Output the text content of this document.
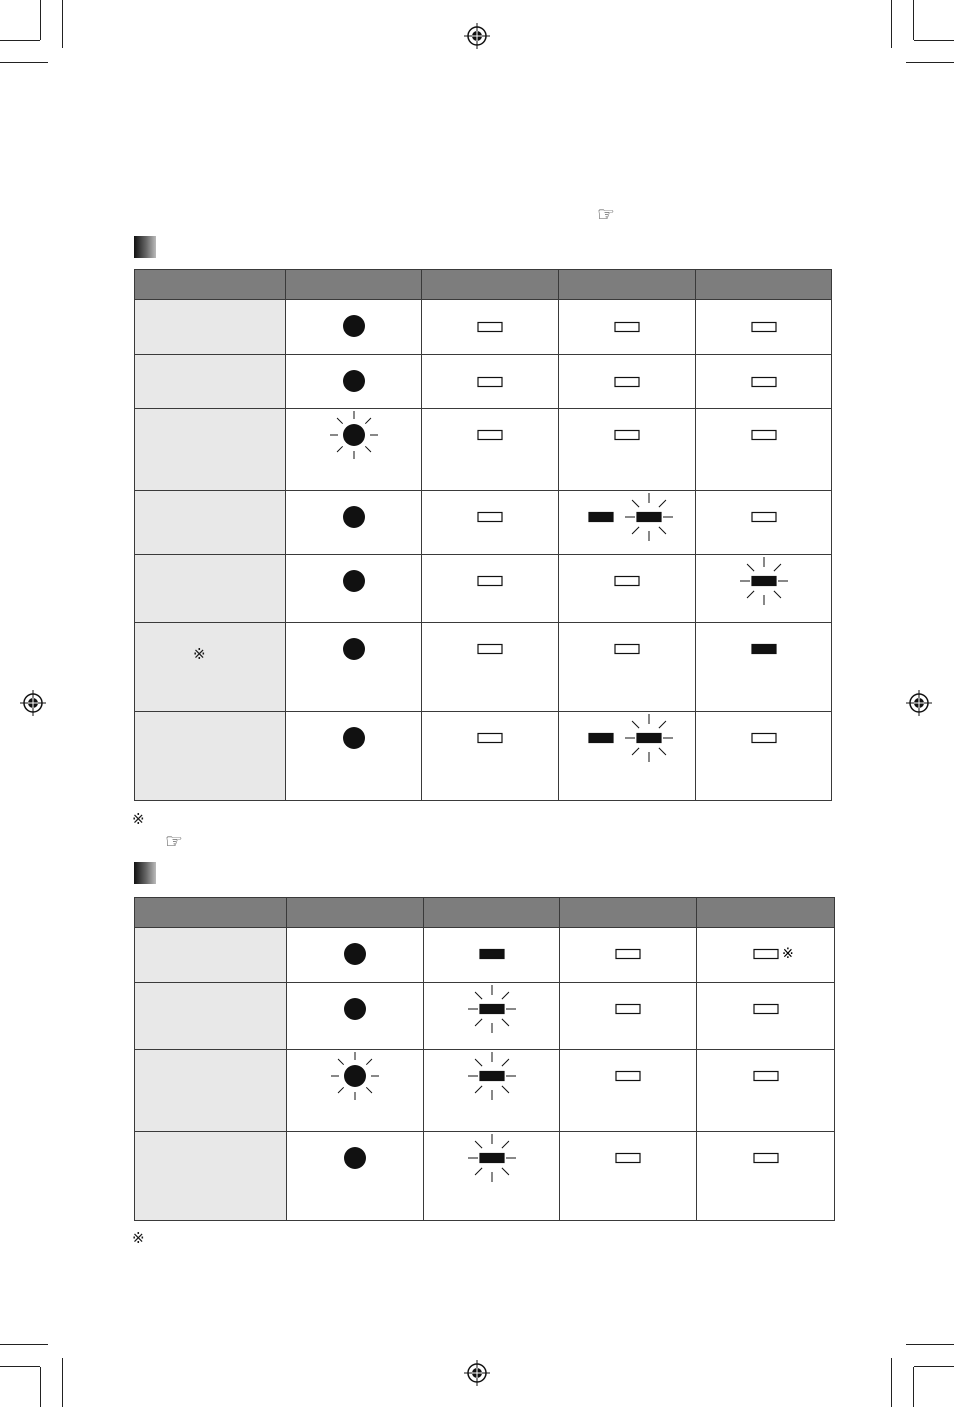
☞

※

※
☞

※

※
